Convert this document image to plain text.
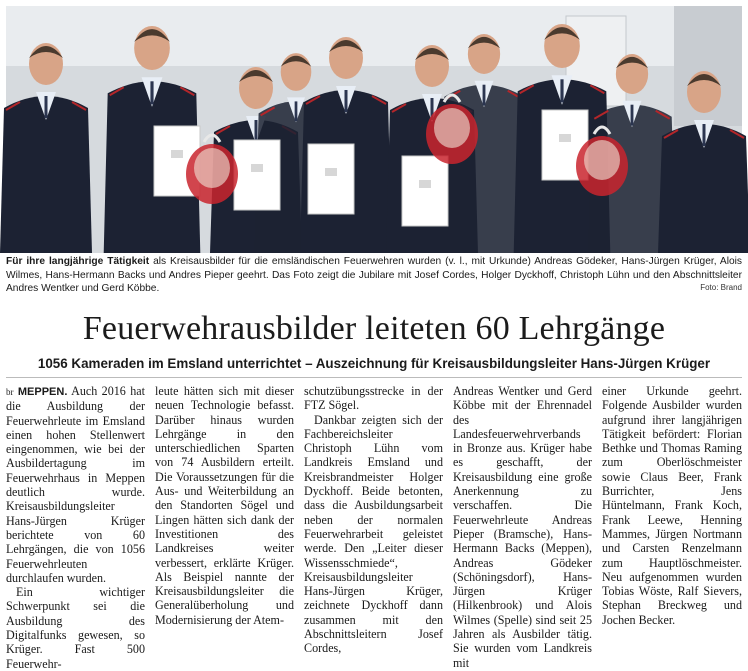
Für ihre langjährige Tätigkeit als Kreisausbilder für die emsländischen Feuerwehren wurden (v. l., mit Urkunde) Andreas Gödeker, Hans-Jürgen Krüger, Alois Wilmes, Hans-Hermann Backs und Andres Pieper geehrt. Das Foto zeigt die Jubilare mit Josef Cordes, Holger Dyckhoff, Christoph Lühn und den Abschnittsleiter Andres Wentker und Gerd Köbbe.	Foto: Brand
Feuerwehrausbilder leiteten 60 Lehrgänge
1056 Kameraden im Emsland unterrichtet – Auszeichnung für Kreisausbildungsleiter Hans-Jürgen Krüger

br MEPPEN. Auch 2016 hat die Ausbildung der Feuerwehrleute im Emsland einen hohen Stellenwert eingenommen, wie bei der Ausbildertagung im Feuerwehrhaus in Meppen deutlich wurde. Kreisausbildungsleiter Hans-Jürgen Krüger berichtete von 60 Lehrgängen, die von 1056 Feuerwehrleuten durchlaufen wurden.

Ein wichtiger Schwerpunkt sei die Ausbildung des Digitalfunks gewesen, so Krüger. Fast 500 Feuerwehr-

leute hätten sich mit dieser neuen Technologie befasst. Darüber hinaus wurden Lehrgänge in den unterschiedlichen Sparten von 74 Ausbildern erteilt. Die Voraussetzungen für die Aus- und Weiterbildung an den Standorten Sögel und Lingen hätten sich dank der Investitionen des Landkreises weiter verbessert, erklärte Krüger. Als Beispiel nannte der Kreisausbildungsleiter die Generalüberholung und Modernisierung der Atem-

schutzübungsstrecke in der FTZ Sögel.

Dankbar zeigten sich der Fachbereichsleiter Christoph Lühn vom Landkreis Emsland und Kreisbrandmeister Holger Dyckhoff. Beide betonten, dass die Ausbildungsarbeit neben der normalen Feuerwehrarbeit geleistet werde. Den „Leiter dieser Wissensschmiede“, Kreisausbildungsleiter Hans-Jürgen Krüger, zeichnete Dyckhoff dann zusammen mit den Abschnittsleitern Josef Cordes,

Andreas Wentker und Gerd Köbbe mit der Ehrennadel des Landesfeuerwehrverbands in Bronze aus. Krüger habe es geschafft, der Kreisausbildung eine große Anerkennung zu verschaffen. Die Feuerwehrleute Andreas Pieper (Bramsche), Hans-Hermann Backs (Meppen), Andreas Gödeker (Schöningsdorf), Hans-Jürgen Krüger (Hilkenbrook) und Alois Wilmes (Spelle) sind seit 25 Jahren als Ausbilder tätig. Sie wurden vom Landkreis mit

einer Urkunde geehrt. Folgende Ausbilder wurden aufgrund ihrer langjährigen Tätigkeit befördert: Florian Bethke und Thomas Raming zum Oberlöschmeister sowie Claus Beer, Frank Burrichter, Jens Hüntelmann, Frank Koch, Frank Leewe, Henning Mammes, Jürgen Nortmann und Carsten Renzelmann zum Hauptlöschmeister. Neu aufgenommen wurden Tobias Wöste, Ralf Sievers, Stephan Breckweg und Jochen Becker.
